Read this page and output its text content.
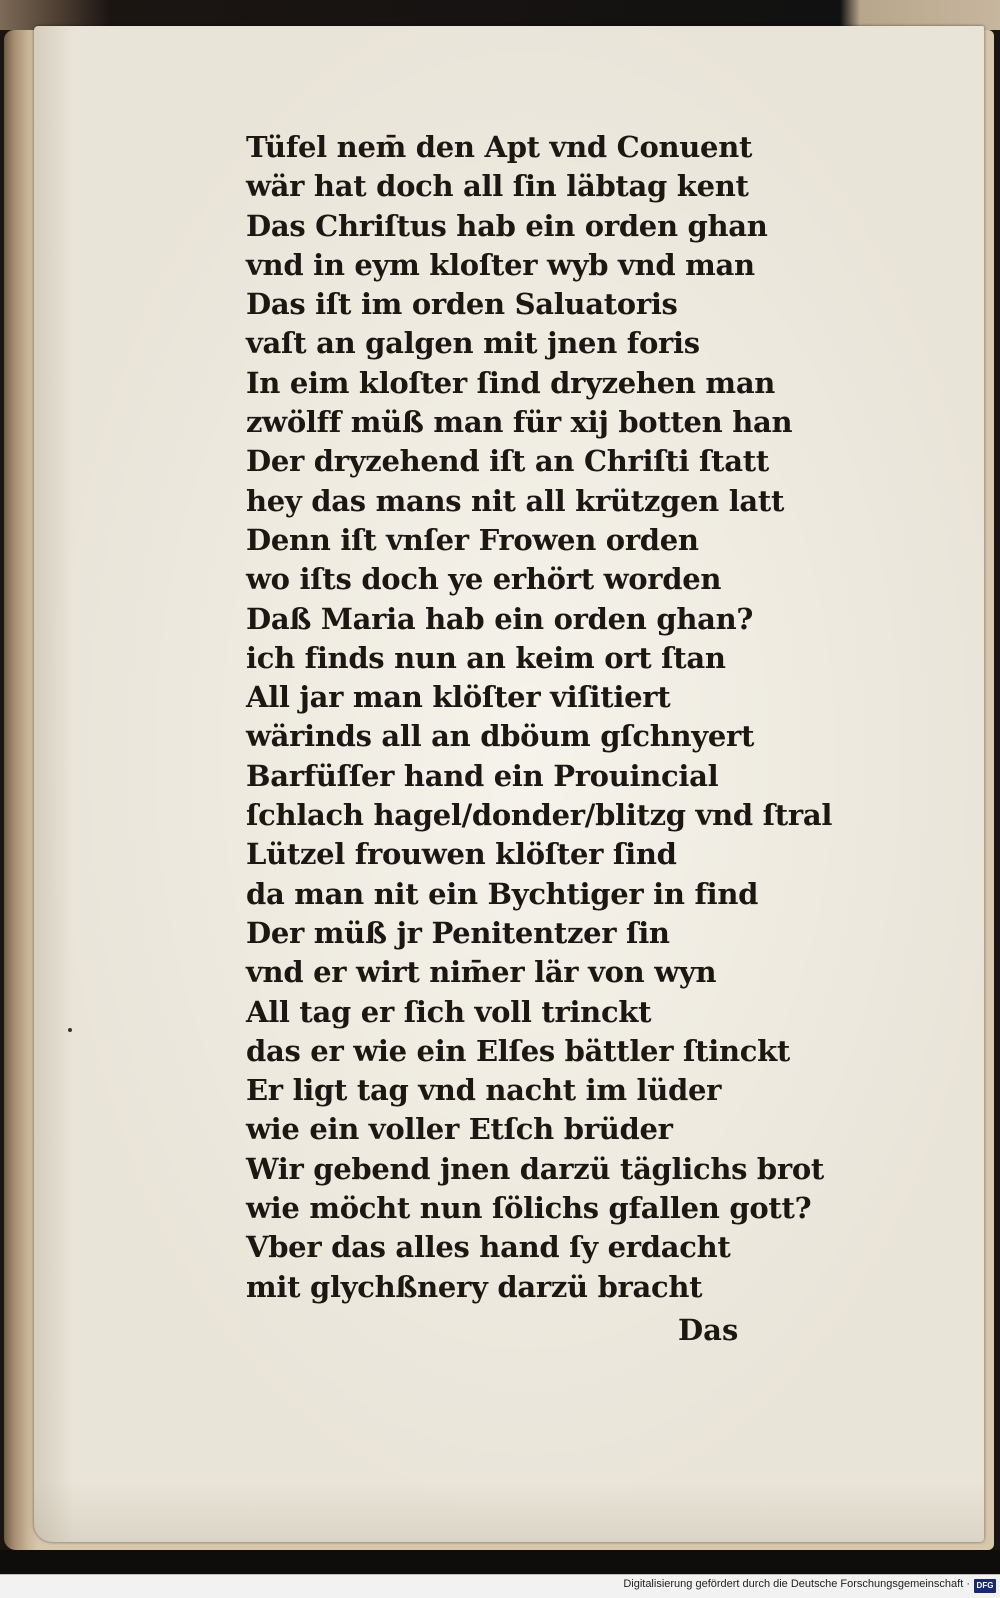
Tüfel nem̄ den Apt vnd Conuent
wär hat doch all ſin läbtag kent
Das Chriſtus hab ein orden ghan
vnd in eym kloſter wyb vnd man
Das iſt im orden Saluatoris
vaſt an galgen mit jnen foris
In eim kloſter ſind dryzehen man
zwölff müß man für xij botten han
Der dryzehend iſt an Chriſti ſtatt
hey das mans nit all krützgen latt
Denn iſt vnſer Frowen orden
wo iſts doch ye erhört worden
Daß Maria hab ein orden ghan?
ich finds nun an keim ort ſtan
All jar man klöſter viſitiert
wärinds all an dböum gſchnyert
Barfüſſer hand ein Prouincial
ſchlach hagel/donder/blitzg vnd ſtral
Lützel frouwen klöſter ſind
da man nit ein Bychtiger in find
Der müß jr Penitentzer ſin
vnd er wirt nim̄er lär von wyn
All tag er ſich voll trinckt
das er wie ein Elſes bättler ſtinckt
Er ligt tag vnd nacht im lüder
wie ein voller Etſch brüder
Wir gebend jnen darzü täglichs brot
wie möcht nun ſölichs gfallen gott?
Vber das alles hand ſy erdacht
mit glychßnery darzü bracht
Das
Digitalisierung gefördert durch die Deutsche Forschungsgemeinschaft · DFG
